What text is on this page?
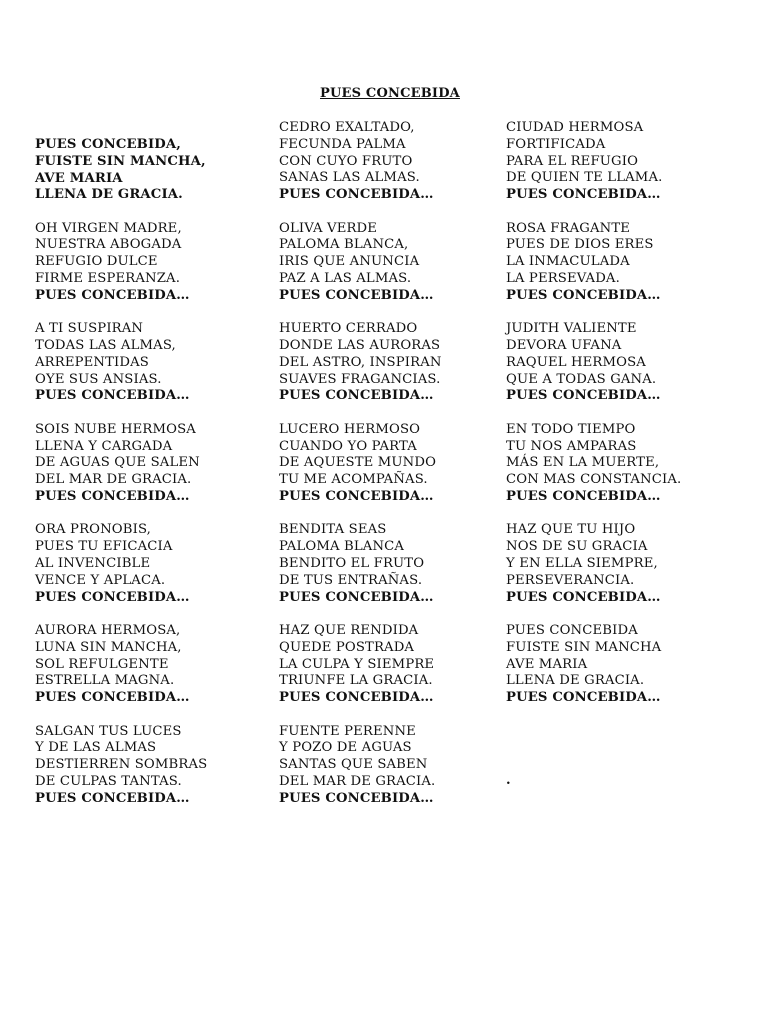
PUES CONCEBIDA
PUES CONCEBIDA,
FUISTE SIN MANCHA,
AVE MARIA
LLENA DE GRACIA.
OH VIRGEN MADRE,
NUESTRA ABOGADA
REFUGIO DULCE
FIRME ESPERANZA.
PUES CONCEBIDA…
A TI SUSPIRAN
TODAS LAS ALMAS,
ARREPENTIDAS
OYE SUS ANSIAS.
PUES CONCEBIDA…
SOIS NUBE HERMOSA
LLENA Y CARGADA
DE AGUAS QUE SALEN
DEL MAR DE GRACIA.
PUES CONCEBIDA…
ORA PRONOBIS,
PUES TU EFICACIA
AL INVENCIBLE
VENCE Y APLACA.
PUES CONCEBIDA…
AURORA HERMOSA,
LUNA SIN MANCHA,
SOL REFULGENTE
ESTRELLA MAGNA.
PUES CONCEBIDA…
SALGAN TUS LUCES
Y DE LAS ALMAS
DESTIERREN SOMBRAS
DE CULPAS TANTAS.
PUES CONCEBIDA…
CEDRO EXALTADO,
FECUNDA PALMA
CON CUYO FRUTO
SANAS LAS ALMAS.
PUES CONCEBIDA…
OLIVA VERDE
PALOMA BLANCA,
IRIS QUE ANUNCIA
PAZ A LAS ALMAS.
PUES CONCEBIDA…
HUERTO CERRADO
DONDE LAS AURORAS
DEL ASTRO, INSPIRAN
SUAVES FRAGANCIAS.
PUES CONCEBIDA…
LUCERO HERMOSO
CUANDO YO PARTA
DE AQUESTE MUNDO
TU ME ACOMPAÑAS.
PUES CONCEBIDA…
BENDITA SEAS
PALOMA BLANCA
BENDITO EL FRUTO
DE TUS ENTRAÑAS.
PUES CONCEBIDA…
HAZ QUE RENDIDA
QUEDE POSTRADA
LA CULPA Y SIEMPRE
TRIUNFE LA GRACIA.
PUES CONCEBIDA…
FUENTE PERENNE
Y POZO DE AGUAS
SANTAS QUE SABEN
DEL MAR DE GRACIA.
PUES CONCEBIDA…
CIUDAD HERMOSA
FORTIFICADA
PARA EL REFUGIO
DE QUIEN TE LLAMA.
PUES CONCEBIDA…
ROSA FRAGANTE
PUES DE DIOS ERES
LA INMACULADA
LA PERSEVADA.
PUES CONCEBIDA…
JUDITH VALIENTE
DEVORA UFANA
RAQUEL HERMOSA
QUE A TODAS GANA.
PUES CONCEBIDA…
EN TODO TIEMPO
TU NOS AMPARAS
MÁS EN LA MUERTE,
CON MAS CONSTANCIA.
PUES CONCEBIDA…
HAZ QUE TU HIJO
NOS DE SU GRACIA
Y EN ELLA SIEMPRE,
PERSEVERANCIA.
PUES CONCEBIDA…
PUES CONCEBIDA
FUISTE SIN MANCHA
AVE MARIA
LLENA DE GRACIA.
PUES CONCEBIDA…
.
